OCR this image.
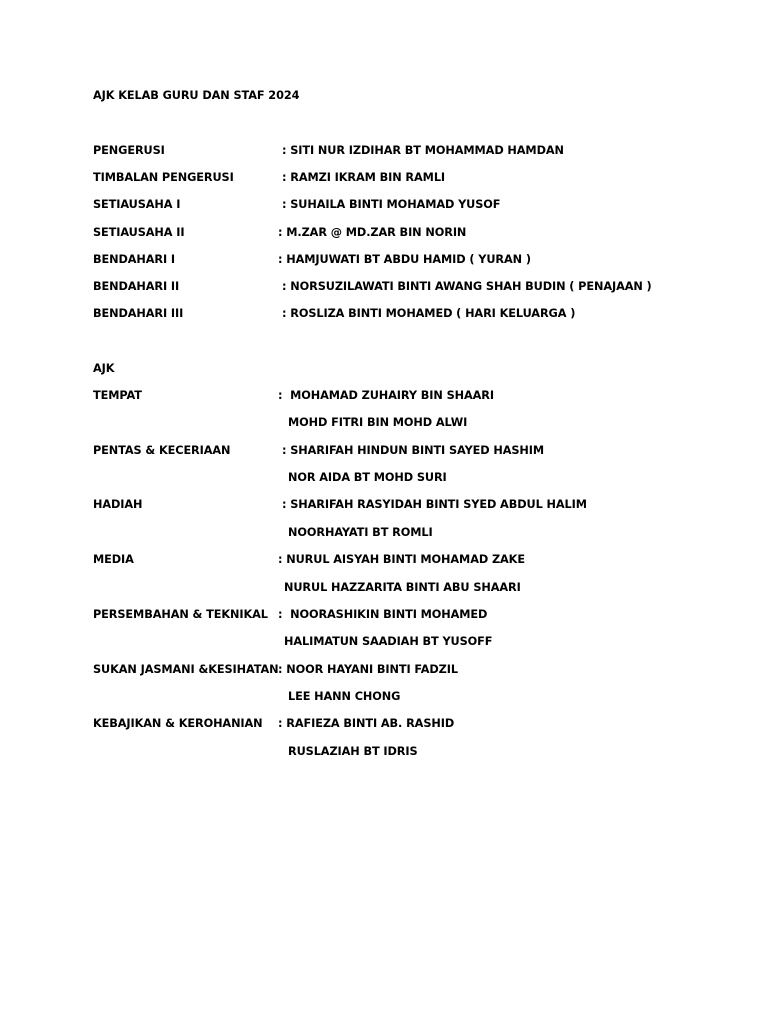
AJK KELAB GURU DAN STAF 2024
PENGERUSI	: SITI NUR IZDIHAR BT MOHAMMAD HAMDAN
TIMBALAN PENGERUSI	: RAMZI IKRAM BIN RAMLI
SETIAUSAHA I	: SUHAILA BINTI MOHAMAD YUSOF
SETIAUSAHA II	: M.ZAR @ MD.ZAR BIN NORIN
BENDAHARI I	: HAMJUWATI BT ABDU HAMID ( YURAN )
BENDAHARI II	: NORSUZILAWATI BINTI AWANG SHAH BUDIN ( PENAJAAN )
BENDAHARI III	: ROSLIZA BINTI MOHAMED ( HARI KELUARGA )
AJK
TEMPAT	:  MOHAMAD ZUHAIRY BIN SHAARI
MOHD FITRI BIN MOHD ALWI
PENTAS & KECERIAAN	: SHARIFAH HINDUN BINTI SAYED HASHIM
NOR AIDA BT MOHD SURI
HADIAH	: SHARIFAH RASYIDAH BINTI SYED ABDUL HALIM
NOORHAYATI BT ROMLI
MEDIA	: NURUL AISYAH BINTI MOHAMAD ZAKE
NURUL HAZZARITA BINTI ABU SHAARI
PERSEMBAHAN & TEKNIKAL :  NOORASHIKIN BINTI MOHAMED
HALIMATUN SAADIAH BT YUSOFF
SUKAN JASMANI &KESIHATAN : NOOR HAYANI BINTI FADZIL
LEE HANN CHONG
KEBAJIKAN & KEROHANIAN : RAFIEZA BINTI AB. RASHID
RUSLAZIAH BT IDRIS
